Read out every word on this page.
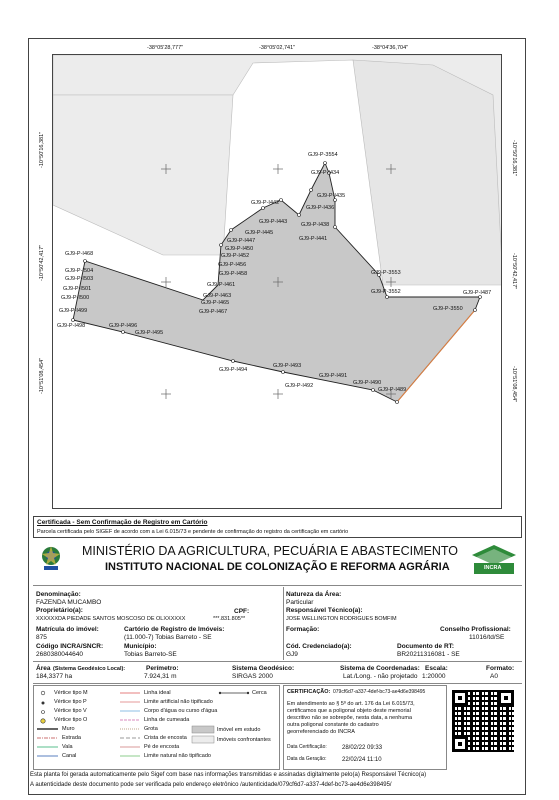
GJ9-P-3554
GJ9-P-I434
GJ9-P-I435
GJ9-P-I436
GJ9-P-I442
GJ9-P-I438
GJ9-P-I443
GJ9-P-I441
GJ9-P-I445
GJ9-P-I447
GJ9-P-I450
GJ9-P-I452
GJ9-P-I456
GJ9-P-I458
GJ9-P-I461
GJ9-P-I463
GJ9-P-I465
GJ9-P-I467
GJ9-P-I468
GJ9-P-I504
GJ9-P-I503
GJ9-P-I501
GJ9-P-I500
GJ9-P-I499
GJ9-P-I498	GJ9-P-I496
GJ9-P-I495
GJ9-P-I494
GJ9-P-I493
GJ9-P-I491
GJ9-P-I492	GJ9-P-I490
GJ9-P-I489
GJ9-P-3553
GJ9-P-3552	GJ9-P-I487
GJ9-P-3550
-38°05'28,777"	-38°05'02,741"	-38°04'36,704"
-10°50'16,381"
-10°50'42,417"
-10°51'08,454"
-10°50'16,381"
-10°50'42,417"
-10°51'08,454"
Certificada - Sem Confirmação de Registro em Cartório
Parcela certificada pelo SIGEF de acordo com a Lei 6.015/73 e pendente de confirmação do registro da certificação em cartório
MINISTÉRIO DA AGRICULTURA, PECUÁRIA E ABASTECIMENTO
INSTITUTO NACIONAL DE COLONIZAÇÃO E REFORMA AGRÁRIA	INCRA
Denominação:
FAZENDA MUCAMBO
Proprietário(a):	CPF:
XXXXXXDA PIEDADE SANTOS MOSCOSO DE OLXXXXXX	***.831.805**
Matrícula do imóvel:
875
Cartório de Registro de Imóveis:
(11.000-7) Tobias Barreto - SE
Código INCRA/SNCR:
2680380044640
Município:
Tobias Barreto-SE
Natureza da Área:
Particular
Responsável Técnico(a):
JOSE WELLINGTON RODRIGUES BOMFIM
Formação:	Conselho Profissional:
11016/td/SE
Cód. Credenciado(a):
GJ9
Documento de RT:
BR20211316081 - SE
Área (Sistema Geodésico Local):
184,3377 ha
Perímetro:
7.924,31 m
Sistema Geodésico:
SIRGAS 2000
Sistema de Coordenadas:
Lat./Long. - não projetado
Escala:
1:20000
Formato:
A0
Vértice tipo M
Vértice tipo P
Vértice tipo V
Vértice tipo O
Muro
Estrada
Vala
Canal
Linha ideal
Limite artificial não tipificado
Corpo d'água ou curso d'água
Linha de cumeada
Grota
Crista de encosta
Pé de encosta
Limite natural não tipificado
Cerca
Imóvel em estudo
Imóveis confrontantes
CERTIFICAÇÃO: 079cf6d7-a337-4def-bc73-ae4d6e398495
Em atendimento ao § 5º do art. 176 da Lei 6.015/73,
certificamos que a poligonal objeto deste memorial
descritivo não se sobrepõe, nesta data, a nenhuma
outra poligonal constante do cadastro
georreferenciado do INCRA
Data Certificação:	28/02/22 09:33
Data da Geração:	22/02/24 11:10
Esta planta foi gerada automaticamente pelo Sigef com base nas informações transmitidas e assinadas digitalmente pelo(a) Responsável Técnico(a)
A autenticidade deste documento pode ser verificada pelo endereço eletrônico /autenticidade/079cf6d7-a337-4def-bc73-ae4d6e398495/
